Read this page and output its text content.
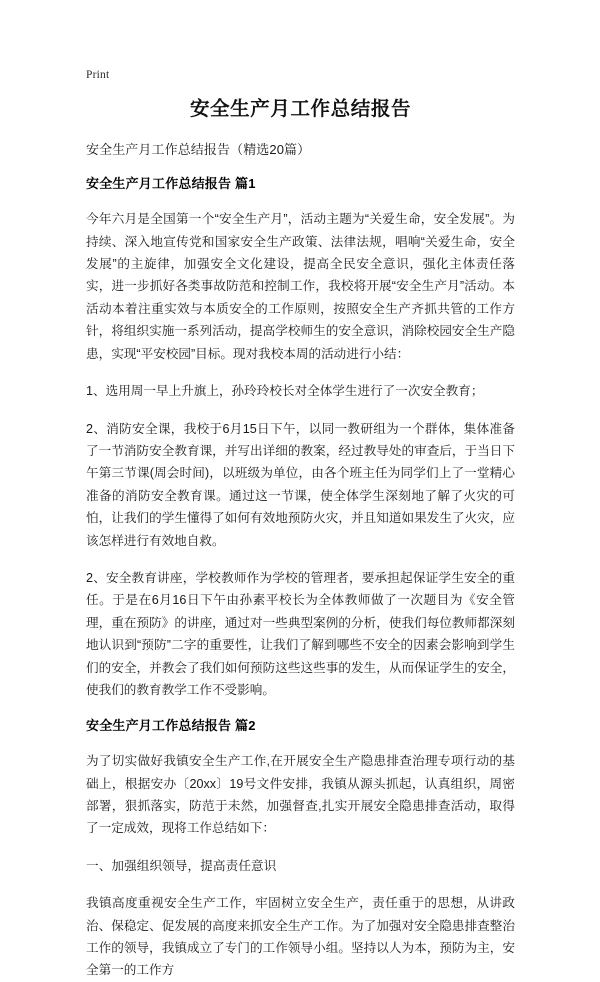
Print
安全生产月工作总结报告

安全生产月工作总结报告（精选20篇）

安全生产月工作总结报告 篇1

今年六月是全国第一个“安全生产月”，活动主题为“关爱生命，安全发展”。为持续、深入地宣传党和国家安全生产政策、法律法规，唱响“关爱生命，安全发展”的主旋律，加强安全文化建设，提高全民安全意识，强化主体责任落实，进一步抓好各类事故防范和控制工作，我校将开展“安全生产月”活动。本活动本着注重实效与本质安全的工作原则，按照安全生产齐抓共管的工作方针，将组织实施一系列活动，提高学校师生的安全意识，消除校园安全生产隐患，实现“平安校园”目标。现对我校本周的活动进行小结：

1、选用周一早上升旗上，孙玲玲校长对全体学生进行了一次安全教育；

2、消防安全课，我校于6月15日下午，以同一教研组为一个群体，集体准备了一节消防安全教育课，并写出详细的教案，经过教导处的审查后，于当日下午第三节课(周会时间)，以班级为单位，由各个班主任为同学们上了一堂精心准备的消防安全教育课。通过这一节课，使全体学生深刻地了解了火灾的可怕，让我们的学生懂得了如何有效地预防火灾，并且知道如果发生了火灾，应该怎样进行有效地自救。

2、安全教育讲座，学校教师作为学校的管理者，要承担起保证学生安全的重任。于是在6月16日下午由孙素平校长为全体教师做了一次题目为《安全管理，重在预防》的讲座，通过对一些典型案例的分析，使我们每位教师都深刻地认识到“预防”二字的重要性，让我们了解到哪些不安全的因素会影响到学生们的安全，并教会了我们如何预防这些这些事的发生，从而保证学生的安全，使我们的教育教学工作不受影响。

安全生产月工作总结报告 篇2

为了切实做好我镇安全生产工作,在开展安全生产隐患排查治理专项行动的基础上，根据安办〔20xx〕19号文件安排，我镇从源头抓起，认真组织，周密部署，狠抓落实，防范于未然，加强督查,扎实开展安全隐患排查活动，取得了一定成效，现将工作总结如下：

一、加强组织领导，提高责任意识

我镇高度重视安全生产工作，牢固树立安全生产，责任重于的思想，从讲政治、保稳定、促发展的高度来抓安全生产工作。为了加强对安全隐患排查整治工作的领导，我镇成立了专门的工作领导小组。坚持以人为本，预防为主，安全第一的工作方
